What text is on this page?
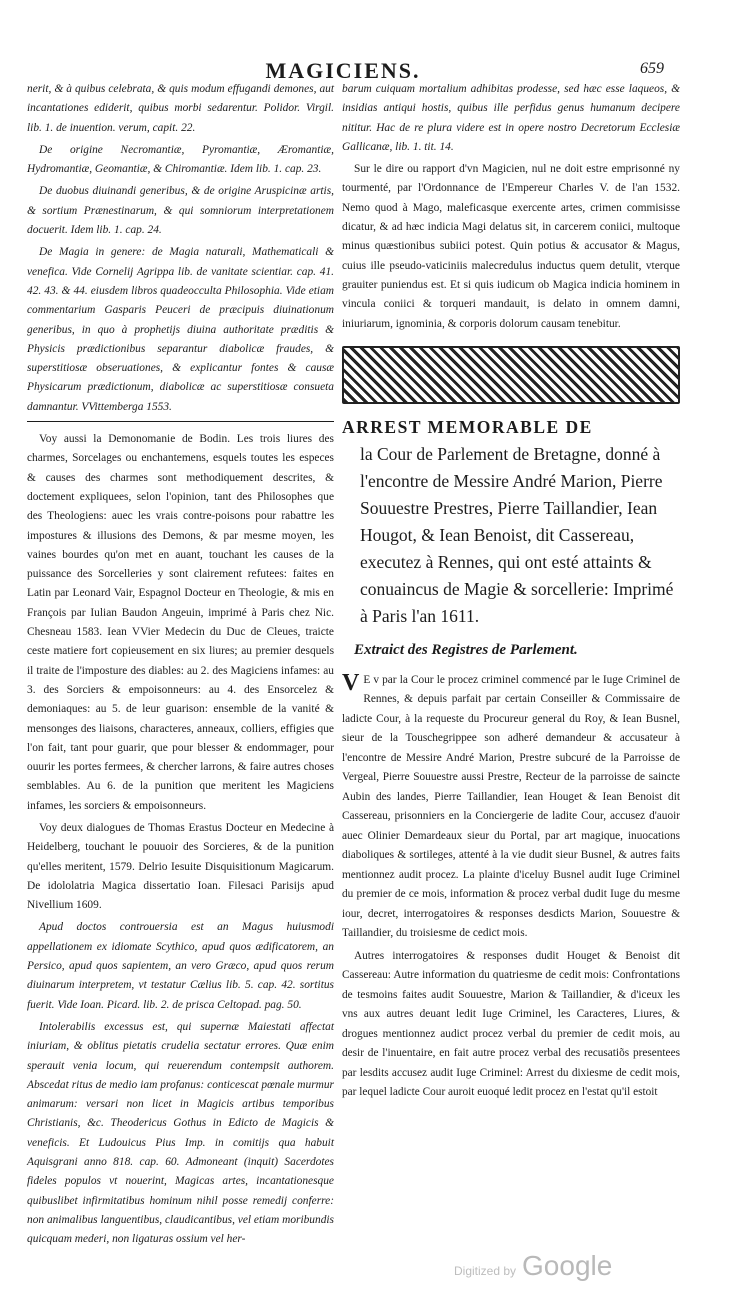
MAGICIENS.	659

nerit, & à quibus celebrata, & quis modum effugandi demones, aut incantationes ediderit, quibus morbi sedarentur. Polidor. Virgil. lib. 1. de inuention. verum, capit. 22.

De origine Necromantiæ, Pyromantiæ, Æromantiæ, Hydromantiæ, Geomantiæ, & Chiromantiæ. Idem lib. 1. cap. 23.

De duobus diuinandi generibus, & de origine Aruspicinæ artis, & sortium Prænestinarum, & qui somniorum interpretationem docuerit. Idem lib. 1. cap. 24.

De Magia in genere: de Magia naturali, Mathematicali & venefica. Vide Cornelij Agrippa lib. de vanitate scientiar. cap. 41. 42. 43. & 44. eiusdem libros quadeocculta Philosophia. Vide etiam commentarium Gasparis Peuceri de præcipuis diuinationum generibus, in quo à prophetijs diuina authoritate præditis & Physicis prædictionibus separantur diabolicæ fraudes, & superstitiosæ obseruationes, & explicantur fontes & causæ Physicarum prædictionum, diabolicæ ac superstitiosæ consueta damnantur. VVittemberga 1553.

Voy aussi la Demonomanie de Bodin. Les trois liures des charmes, Sorcelages ou enchantemens, esquels toutes les especes & causes des charmes sont methodiquement descrites, & doctement expliquees, selon l'opinion, tant des Philosophes que des Theologiens: auec les vrais contre-poisons pour rabattre les impostures & illusions des Demons, & par mesme moyen, les vaines bourdes qu'on met en auant, touchant les causes de la puissance des Sorcelleries y sont clairement refutees: faites en Latin par Leonard Vair, Espagnol Docteur en Theologie, & mis en François par Iulian Baudon Angeuin, imprimé à Paris chez Nic. Chesneau 1583. Iean VVier Medecin du Duc de Cleues, traicte ceste matiere fort copieusement en six liures; au premier desquels il traite de l'imposture des diables: au 2. des Magiciens infames: au 3. des Sorciers & empoisonneurs: au 4. des Ensorcelez & demoniaques: au 5. de leur guarison: ensemble de la vanité & mensonges des liaisons, characteres, anneaux, colliers, effigies que l'on fait, tant pour guarir, que pour blesser & endommager, pour ouurir les portes fermees, & chercher larrons, & faire autres choses semblables. Au 6. de la punition que meritent les Magiciens infames, les sorciers & empoisonneurs.

Voy deux dialogues de Thomas Erastus Docteur en Medecine à Heidelberg, touchant le pouuoir des Sorcieres, & de la punition qu'elles meritent, 1579. Delrio Iesuite Disquisitionum Magicarum. De idololatria Magica dissertatio Ioan. Filesaci Parisijs apud Nivellium 1609.

Apud doctos controuersia est an Magus huiusmodi appellationem ex idiomate Scythico, apud quos ædificatorem, an Persico, apud quos sapientem, an vero Græco, apud quos rerum diuinarum interpretem, vt testatur Cælius lib. 5. cap. 42. sortitus fuerit. Vide Ioan. Picard. lib. 2. de prisca Celtopad. pag. 50.

Intolerabilis excessus est, qui supernæ Maiestati affectat iniuriam, & oblitus pietatis crudelia sectatur errores. Quæ enim sperauit venia locum, qui reuerendum contempsit authorem. Abscedat ritus de medio iam profanus: conticescat pœnale murmur animarum: versari non licet in Magicis artibus temporibus Christianis, &c. Theodericus Gothus in Edicto de Magicis & veneficis. Et Ludouicus Pius Imp. in comitijs qua habuit Aquisgrani anno 818. cap. 60. Admoneant (inquit) Sacerdotes fideles populos vt nouerint, Magicas artes, incantationesque quibuslibet infirmitatibus hominum nihil posse remedij conferre: non animalibus languentibus, claudicantibus, vel etiam moribundis quicquam mederi, non ligaturas ossium vel her-

barum cuiquam mortalium adhibitas prodesse, sed hæc esse laqueos, & insidias antiqui hostis, quibus ille perfidus genus humanum decipere nititur. Hac de re plura videre est in opere nostro Decretorum Ecclesiæ Gallicanæ, lib. 1. tit. 14.

Sur le dire ou rapport d'vn Magicien, nul ne doit estre emprisonné ny tourmenté, par l'Ordonnance de l'Empereur Charles V. de l'an 1532. Nemo quod à Mago, maleficasque exercente artes, crimen commisisse dicatur, & ad hæc indicia Magi delatus sit, in carcerem coniici, multoque minus quæstionibus subiici potest. Quin potius & accusator & Magus, cuius ille pseudo-vaticiniis malecredulus inductus quem detulit, vterque grauiter puniendus est. Et si quis iudicum ob Magica indicia hominem in vincula coniici & torqueri mandauit, is delato in omnem damni, iniuriarum, ignominia, & corporis dolorum causam tenebitur.

ARREST MEMORABLE DE
la Cour de Parlement de Bretagne, donné à l'encontre de Messire André Marion, Pierre Souuestre Prestres, Pierre Taillandier, Iean Hougot, & Iean Benoist, dit Cassereau, executez à Rennes, qui ont esté attaints & conuaincus de Magie & sorcellerie: Imprimé à Paris l'an 1611.
Extraict des Registres de Parlement.

V E v par la Cour le procez criminel commencé par le Iuge Criminel de Rennes, & depuis parfait par certain Conseiller & Commissaire de ladicte Cour, à la requeste du Procureur general du Roy, & Iean Busnel, sieur de la Touschegrippee son adheré demandeur & accusateur à l'encontre de Messire André Marion, Prestre subcuré de la Parroisse de Vergeal, Pierre Souuestre aussi Prestre, Recteur de la parroisse de saincte Aubin des landes, Pierre Taillandier, Iean Houget & Iean Benoist dit Cassereau, prisonniers en la Conciergerie de ladite Cour, accusez d'auoir auec Olinier Demardeaux sieur du Portal, par art magique, inuocations diaboliques & sortileges, attenté à la vie dudit sieur Busnel, & autres faits mentionnez audit procez. La plainte d'iceluy Busnel audit Iuge Criminel du premier de ce mois, information & procez verbal dudit Iuge du mesme iour, decret, interrogatoires & responses desdicts Marion, Souuestre & Taillandier, du troisiesme de cedict mois.

Autres interrogatoires & responses dudit Houget & Benoist dit Cassereau: Autre information du quatriesme de cedit mois: Confrontations de tesmoins faites audit Souuestre, Marion & Taillandier, & d'iceux les vns aux autres deuant ledit Iuge Criminel, les Caracteres, Liures, & drogues mentionnez audict procez verbal du premier de cedit mois, au desir de l'inuentaire, en fait autre procez verbal des recusatiõs presentees par lesdits accusez audit Iuge Criminel: Arrest du dixiesme de cedit mois, par lequel ladicte Cour auroit euoqué ledit procez en l'estat qu'il estoit

Digitized by Google
